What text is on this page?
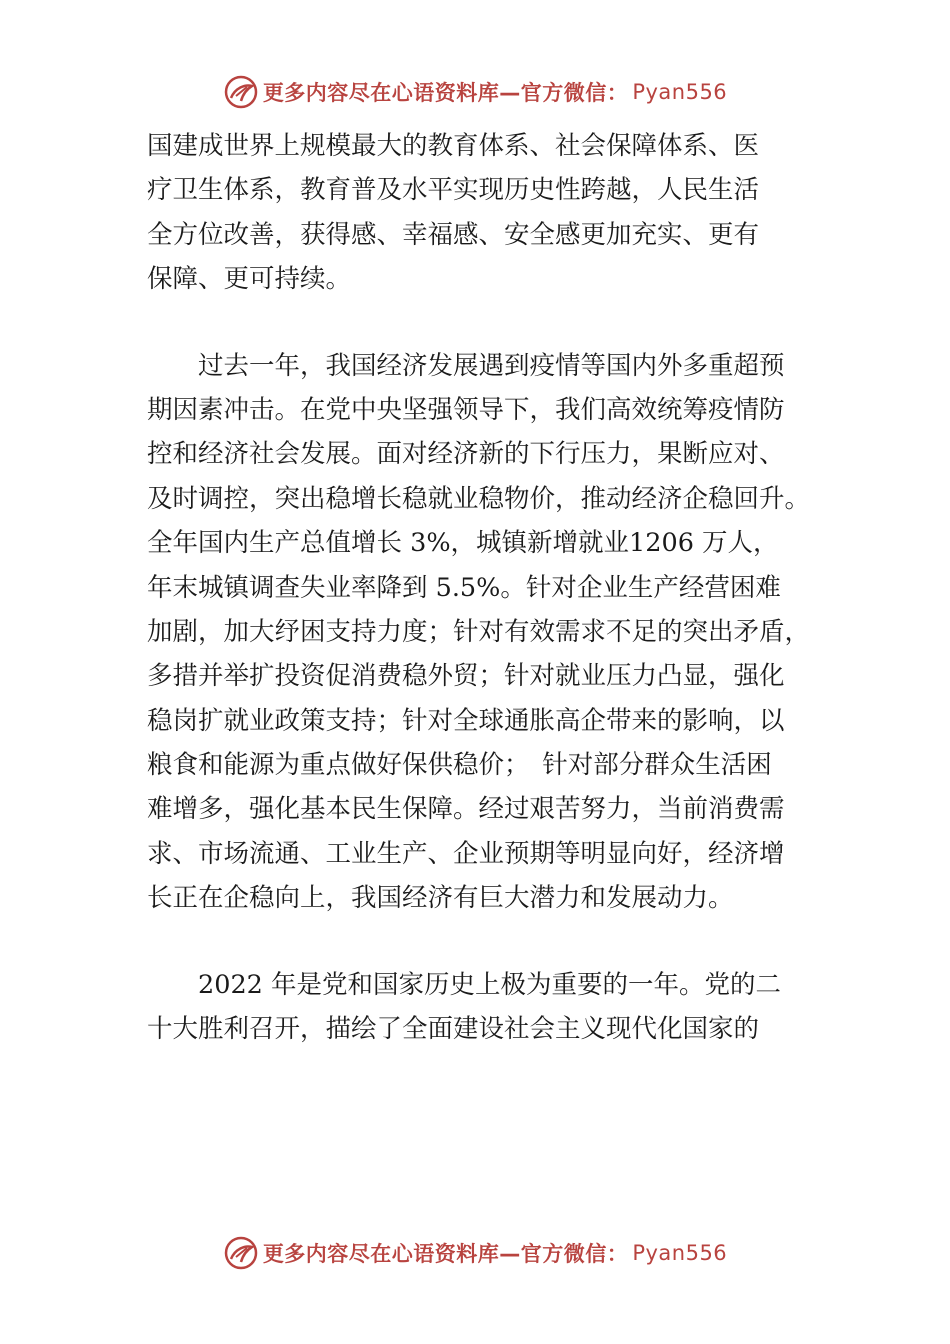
更多内容尽在心语资料库—官方微信： Pyan556
国建成世界上规模最大的教育体系、社会保障体系、医
疗卫生体系，教育普及水平实现历史性跨越，人民生活
全方位改善，获得感、幸福感、安全感更加充实、更有
保障、更可持续。
　　过去一年，我国经济发展遇到疫情等国内外多重超预
期因素冲击。在党中央坚强领导下，我们高效统筹疫情防
控和经济社会发展。面对经济新的下行压力，果断应对、
及时调控，突出稳增长稳就业稳物价，推动经济企稳回升。
全年国内生产总值增长 3%，城镇新增就业1206 万人，
年末城镇调查失业率降到 5.5%。针对企业生产经营困难
加剧，加大纾困支持力度；针对有效需求不足的突出矛盾，
多措并举扩投资促消费稳外贸；针对就业压力凸显，强化
稳岗扩就业政策支持；针对全球通胀高企带来的影响，以
粮食和能源为重点做好保供稳价；　针对部分群众生活困
难增多，强化基本民生保障。经过艰苦努力，当前消费需
求、市场流通、工业生产、企业预期等明显向好，经济增
长正在企稳向上，我国经济有巨大潜力和发展动力。
　　2022 年是党和国家历史上极为重要的一年。党的二
十大胜利召开，描绘了全面建设社会主义现代化国家的
更多内容尽在心语资料库—官方微信： Pyan556
